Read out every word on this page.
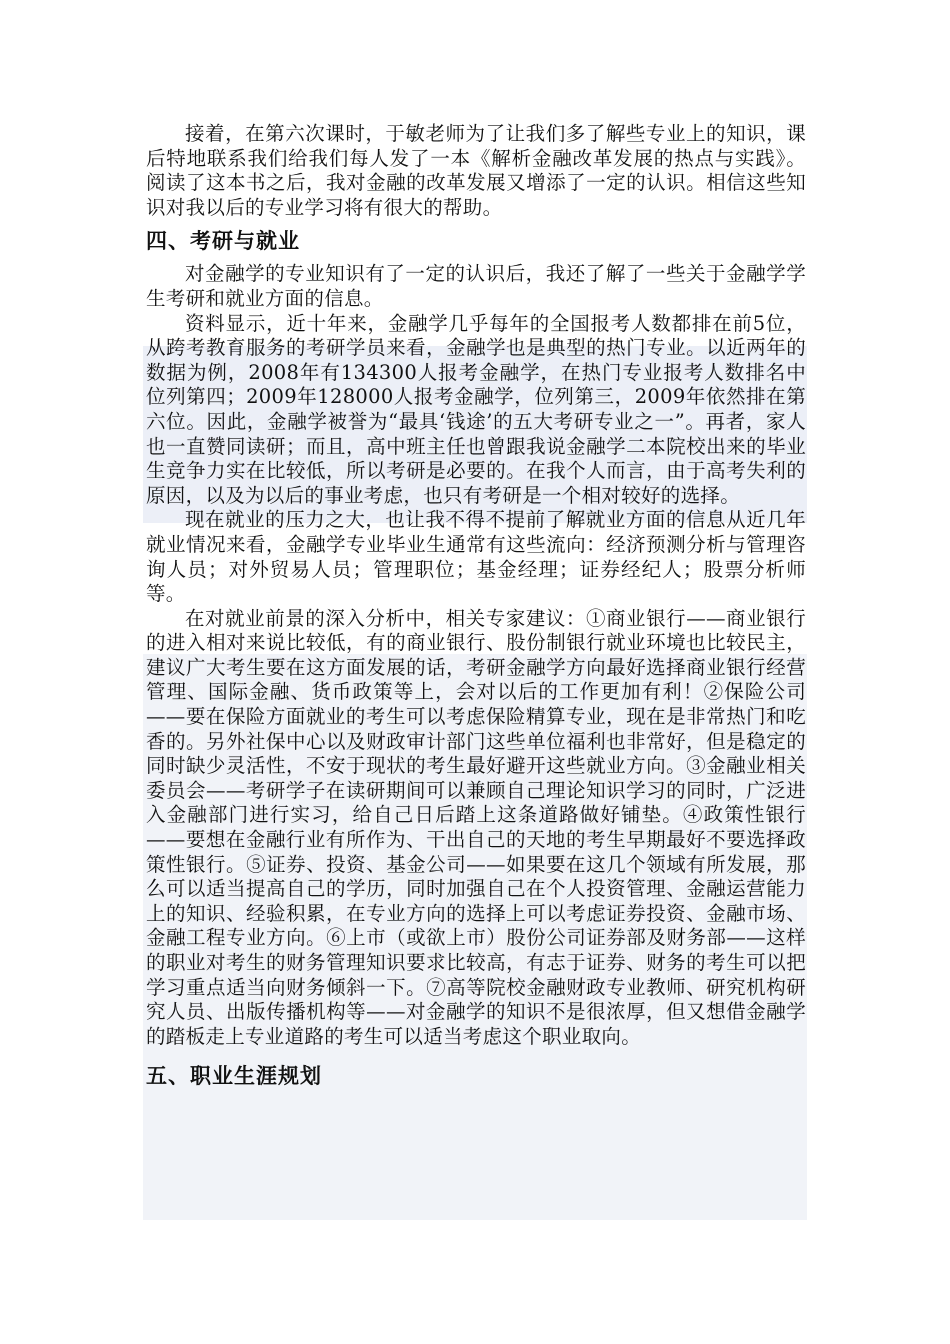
接着，在第六次课时，于敏老师为了让我们多了解些专业上的知识，课后特地联系我们给我们每人发了一本《解析金融改革发展的热点与实践》。阅读了这本书之后，我对金融的改革发展又增添了一定的认识。相信这些知识对我以后的专业学习将有很大的帮助。

四、考研与就业

对金融学的专业知识有了一定的认识后，我还了解了一些关于金融学学生考研和就业方面的信息。

资料显示，近十年来，金融学几乎每年的全国报考人数都排在前5位，从跨考教育服务的考研学员来看，金融学也是典型的热门专业。以近两年的数据为例，2008年有134300人报考金融学，在热门专业报考人数排名中位列第四；2009年128000人报考金融学，位列第三，2009年依然排在第六位。因此，金融学被誉为“最具‘钱途’的五大考研专业之一”。再者，家人也一直赞同读研；而且，高中班主任也曾跟我说金融学二本院校出来的毕业生竞争力实在比较低，所以考研是必要的。在我个人而言，由于高考失利的原因，以及为以后的事业考虑，也只有考研是一个相对较好的选择。

现在就业的压力之大，也让我不得不提前了解就业方面的信息从近几年就业情况来看，金融学专业毕业生通常有这些流向：经济预测分析与管理咨询人员；对外贸易人员；管理职位；基金经理；证券经纪人；股票分析师等。

在对就业前景的深入分析中，相关专家建议：①商业银行——商业银行的进入相对来说比较低，有的商业银行、股份制银行就业环境也比较民主，建议广大考生要在这方面发展的话，考研金融学方向最好选择商业银行经营管理、国际金融、货币政策等上，会对以后的工作更加有利！②保险公司——要在保险方面就业的考生可以考虑保险精算专业，现在是非常热门和吃香的。另外社保中心以及财政审计部门这些单位福利也非常好，但是稳定的同时缺少灵活性，不安于现状的考生最好避开这些就业方向。③金融业相关委员会——考研学子在读研期间可以兼顾自己理论知识学习的同时，广泛进入金融部门进行实习，给自己日后踏上这条道路做好铺垫。④政策性银行——要想在金融行业有所作为、干出自己的天地的考生早期最好不要选择政策性银行。⑤证券、投资、基金公司——如果要在这几个领域有所发展，那么可以适当提高自己的学历，同时加强自己在个人投资管理、金融运营能力上的知识、经验积累，在专业方向的选择上可以考虑证券投资、金融市场、金融工程专业方向。⑥上市（或欲上市）股份公司证券部及财务部——这样的职业对考生的财务管理知识要求比较高，有志于证券、财务的考生可以把学习重点适当向财务倾斜一下。⑦高等院校金融财政专业教师、研究机构研究人员、出版传播机构等——对金融学的知识不是很浓厚，但又想借金融学的踏板走上专业道路的考生可以适当考虑这个职业取向。

五、职业生涯规划
